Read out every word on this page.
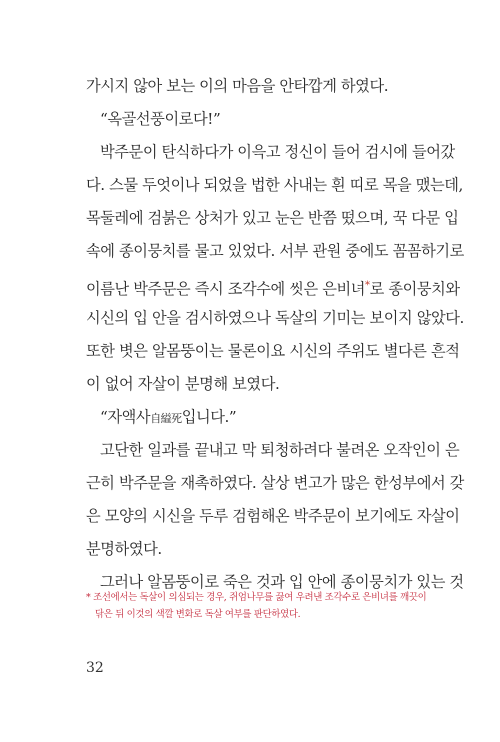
가시지 않아 보는 이의 마음을 안타깝게 하였다.
“옥골선풍이로다!”
박주문이 탄식하다가 이윽고 정신이 들어 검시에 들어갔
다. 스물 두엇이나 되었을 법한 사내는 흰 띠로 목을 맸는데,
목둘레에 검붉은 상처가 있고 눈은 반쯤 떴으며, 꾹 다문 입
속에 종이뭉치를 물고 있었다. 서부 관원 중에도 꼼꼼하기로
이름난 박주문은 즉시 조각수에 씻은 은비녀*로 종이뭉치와
시신의 입 안을 검시하였으나 독살의 기미는 보이지 않았다.
또한 볏은 알몸뚱이는 물론이요 시신의 주위도 별다른 흔적
이 없어 자살이 분명해 보였다.
“자액사自縊死입니다.”
고단한 일과를 끝내고 막 퇴청하려다 불려온 오작인이 은
근히 박주문을 재촉하였다. 살상 변고가 많은 한성부에서 갖
은 모양의 시신을 두루 검험해온 박주문이 보기에도 자살이
분명하였다.
그러나 알몸뚱이로 죽은 것과 입 안에 종이뭉치가 있는 것
* 조선에서는 독살이 의심되는 경우, 쥐엄나무를 끓여 우려낸 조각수로 은비녀를 깨끗이
닦은 뒤 이것의 색깔 변화로 독살 여부를 판단하였다.
32
